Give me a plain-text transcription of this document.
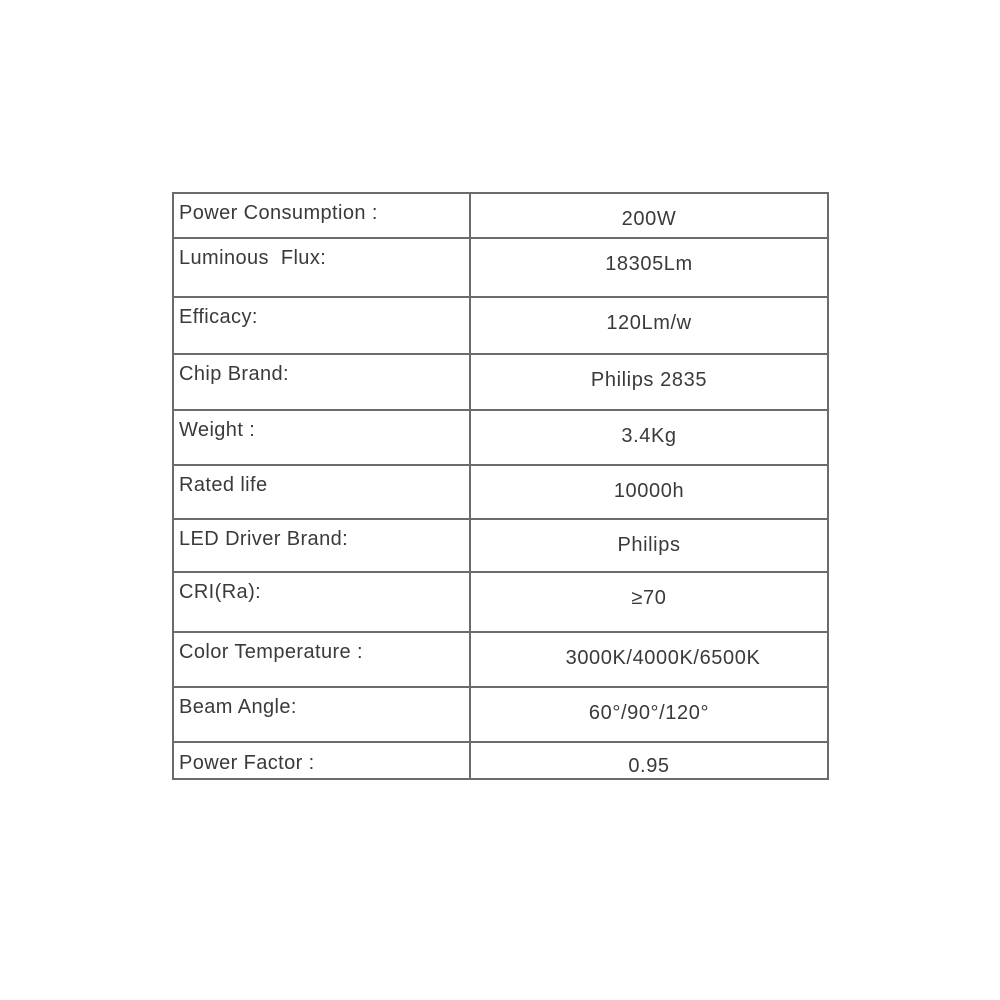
Power Consumption :	200W

Luminous  Flux:	18305Lm

Efficacy:	120Lm/w

Chip Brand:	Philips 2835

Weight :	3.4Kg

Rated life	10000h

LED Driver Brand:	Philips

CRI(Ra):	≥70

Color Temperature :	3000K/4000K/6500K

Beam Angle:	60°/90°/120°

Power Factor :	0.95
